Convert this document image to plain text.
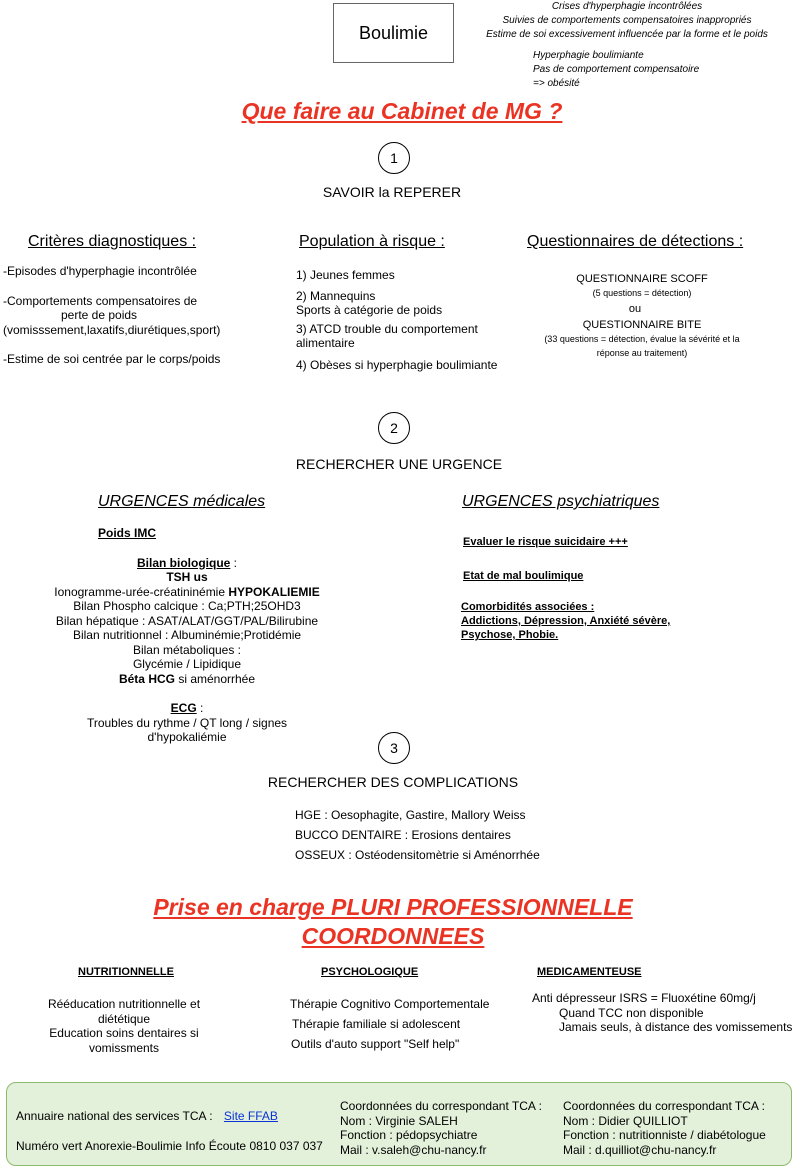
Boulimie
Crises d'hyperphagie incontrôlées
Suivies de comportements compensatoires inappropriés
Estime de soi excessivement influencée par la forme et le poids
Hyperphagie boulimiante
Pas de comportement compensatoire
=> obésité
Que faire au Cabinet de MG ?
1
SAVOIR la REPERER
Critères diagnostiques :
-Episodes d'hyperphagie incontrôlée
-Comportements compensatoires de
perte de poids
(vomisssement,laxatifs,diurétiques,sport)
-Estime de soi centrée par le corps/poids
Population à risque :
1) Jeunes femmes
2) Mannequins
Sports à catégorie de poids
3) ATCD trouble du comportement
alimentaire
4) Obèses si hyperphagie boulimiante
Questionnaires de détections :
QUESTIONNAIRE SCOFF
(5 questions = détection)
ou
QUESTIONNAIRE BITE
(33 questions = détection, évalue la sévérité et la
réponse au traitement)
2
RECHERCHER UNE URGENCE
URGENCES médicales
Poids IMC
Bilan biologique :
TSH us
Ionogramme-urée-créatininémie HYPOKALIEMIE
Bilan Phospho calcique : Ca;PTH;25OHD3
Bilan hépatique : ASAT/ALAT/GGT/PAL/Bilirubine
Bilan nutritionnel : Albuminémie;Protidémie
Bilan métaboliques :
Glycémie / Lipidique
Béta HCG si aménorrhée
ECG :
Troubles du rythme / QT long / signes
d'hypokaliémie
URGENCES psychiatriques
Evaluer le risque suicidaire +++
Etat de mal boulimique
Comorbidités associées :
Addictions, Dépression, Anxiété sévère,
Psychose, Phobie.
3
RECHERCHER DES COMPLICATIONS
HGE : Oesophagite, Gastire, Mallory Weiss
BUCCO DENTAIRE : Erosions dentaires
OSSEUX : Ostéodensitomètrie si Aménorrhée
Prise en charge PLURI PROFESSIONNELLE
COORDONNEES
NUTRITIONNELLE
Rééducation nutritionnelle et
diététique
Education soins dentaires si
vomissments
PSYCHOLOGIQUE
Thérapie Cognitivo Comportementale
Thérapie familiale si adolescent
Outils d'auto support "Self help"
MEDICAMENTEUSE
Anti dépresseur ISRS = Fluoxétine 60mg/j
Quand TCC non disponible
Jamais seuls, à distance des vomissements
Annuaire national des services TCA : Site FFAB
Numéro vert Anorexie-Boulimie Info Écoute 0810 037 037
Coordonnées du correspondant TCA :
Nom : Virginie SALEH
Fonction : pédopsychiatre
Mail : v.saleh@chu-nancy.fr
Coordonnées du correspondant TCA :
Nom : Didier QUILLIOT
Fonction : nutritionniste / diabétologue
Mail : d.quilliot@chu-nancy.fr
